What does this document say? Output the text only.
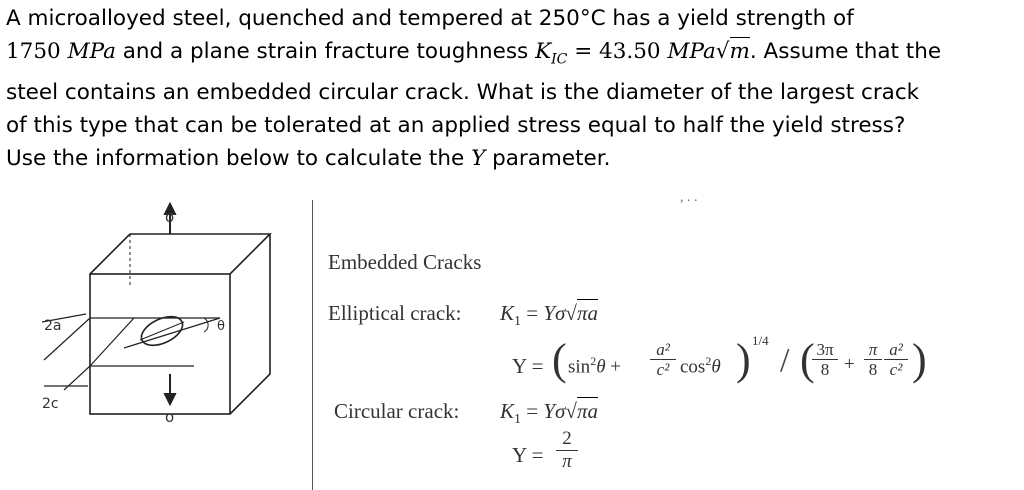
A microalloyed steel, quenched and tempered at 250°C has a yield strength of
1750 MPa and a plane strain fracture toughness $K_{IC} = 43.50$ MPa√m. Assume that the
steel contains an embedded circular crack. What is the diameter of the largest crack
of this type that can be tolerated at an applied stress equal to half the yield stress?
Use the information below to calculate the Y parameter.
σ
σ
2a
2c
θ
, . .
Embedded Cracks
Elliptical crack: $K_1 = Y\sigma√\pi a$
Y = ( $\sin^2\theta + \frac{\text{a²}}{\text{c²}} \cos^2\theta$ ) 1/4
/ (
$\frac{3\pi}{8} + \frac{\pi}{8} \frac{\text{a²}}{\text{c²}}$ )
Circular crack: $K_1 = Y\sigma√\pi a$
$Y = \frac{2}{\pi}$
